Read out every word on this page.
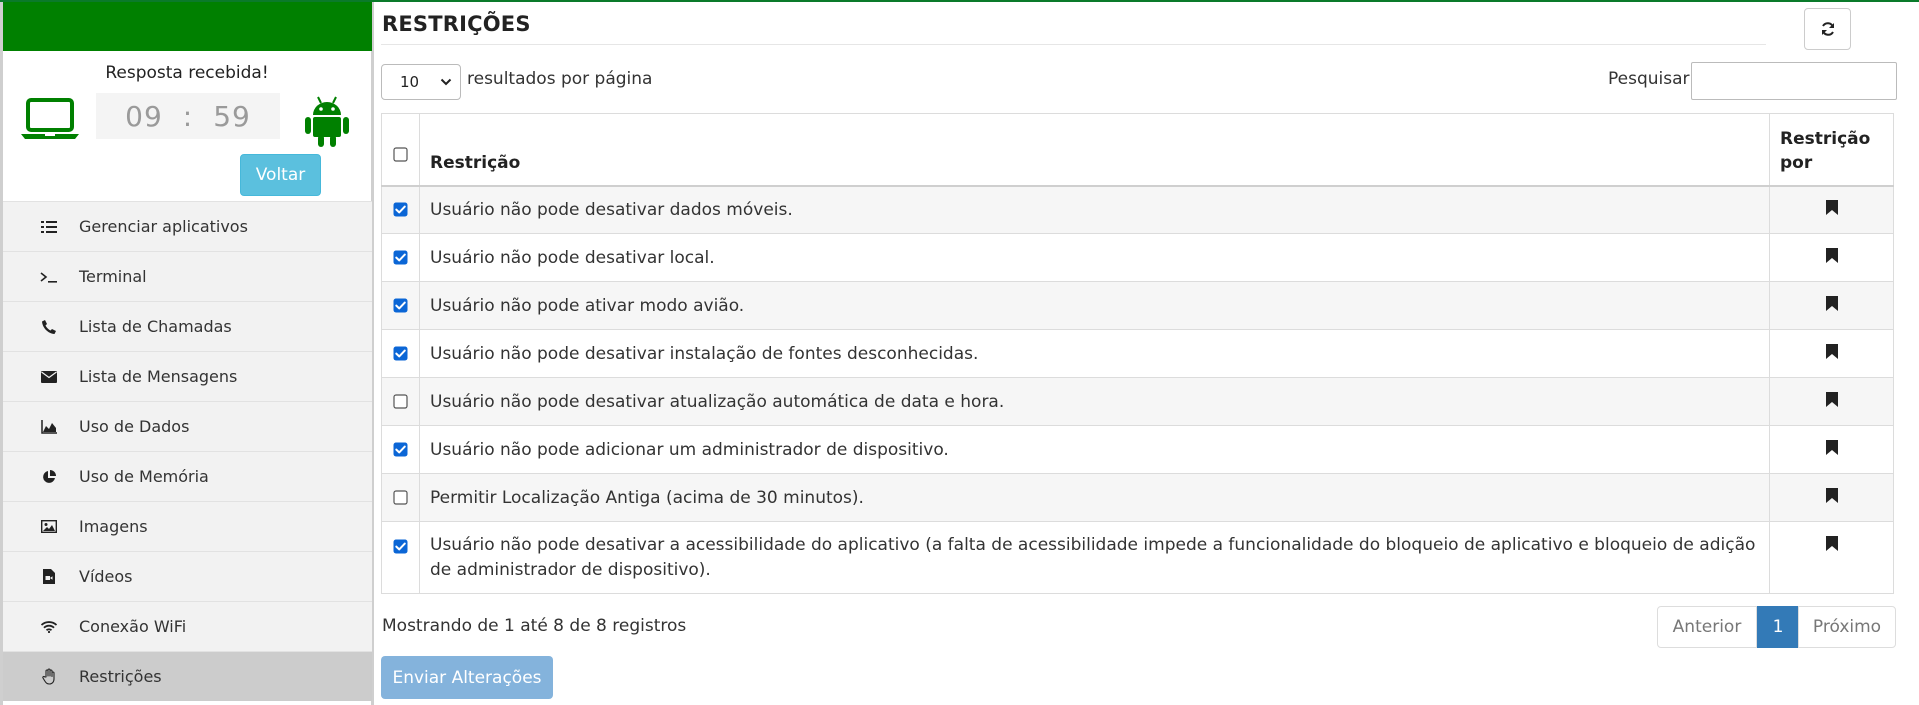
Resposta recebida!
09 : 59
Voltar
Gerenciar aplicativos
Terminal
Lista de Chamadas
Lista de Mensagens
Uso de Dados
Uso de Memória
Imagens
Vídeos
Conexão WiFi
Restrições
RESTRIÇÕES
10	resultados por página	Pesquisar
	Restrição	Restrição por
	Usuário não pode desativar dados móveis.	
	Usuário não pode desativar local.	
	Usuário não pode ativar modo avião.	
	Usuário não pode desativar instalação de fontes desconhecidas.	
	Usuário não pode desativar atualização automática de data e hora.	
	Usuário não pode adicionar um administrador de dispositivo.	
	Permitir Localização Antiga (acima de 30 minutos).	
	Usuário não pode desativar a acessibilidade do aplicativo (a falta de acessibilidade impede a funcionalidade do bloqueio de aplicativo e bloqueio de adição de administrador de dispositivo).	
Mostrando de 1 até 8 de 8 registros	Anterior	1	Próximo
Enviar Alterações
